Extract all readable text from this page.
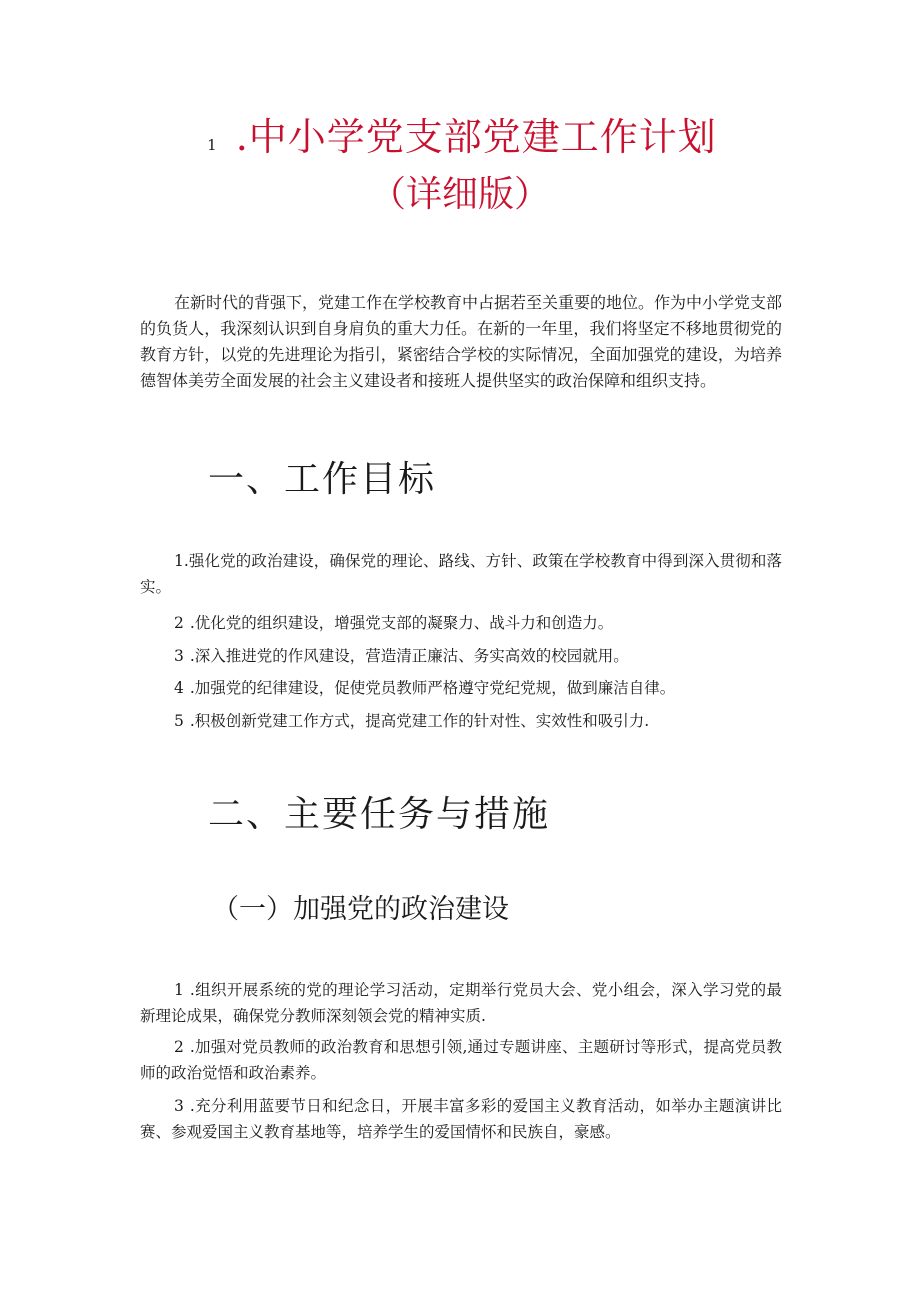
1 .中小学党支部党建工作计划
（详细版）

在新时代的背强下，党建工作在学校教育中占据若至关重要的地位。作为中小学党支部的负货人，我深刻认识到自身肩负的重大力任。在新的一年里，我们将坚定不移地贯彻党的教育方针，以党的先进理论为指引，紧密结合学校的实际情况，全面加强党的建设，为培养德智体美劳全面发展的社会主义建设者和接班人提供坚实的政治保障和组织支持。

一、工作目标

1.强化党的政治建设，确保党的理论、路线、方针、政策在学校教育中得到深入贯彻和落实。

2 .优化党的组织建设，增强党支部的凝聚力、战斗力和创造力。

3 .深入推进党的作风建设，营造清正廉沽、务实高效的校园就用。

4 .加强党的纪律建设，促使党员教师严格遵守党纪党规，做到廉洁自律。

5 .积极创新党建工作方式，提高党建工作的针对性、实效性和吸引力.

二、主要任务与措施
（一）加强党的政治建设

1 .组织开展系统的党的理论学习活动，定期举行党员大会、党小组会，深入学习党的最新理论成果，确保党分教师深刻领会党的精神实质.

2 .加强对党员教师的政治教育和思想引领,通过专题讲座、主题研讨等形式，提高党员教师的政治觉悟和政治素养。

3 .充分利用蓝要节日和纪念日，开展丰富多彩的爱国主义教育活动，如举办主题演讲比赛、参观爱国主义教育基地等，培养学生的爱国情怀和民族自，豪感。
